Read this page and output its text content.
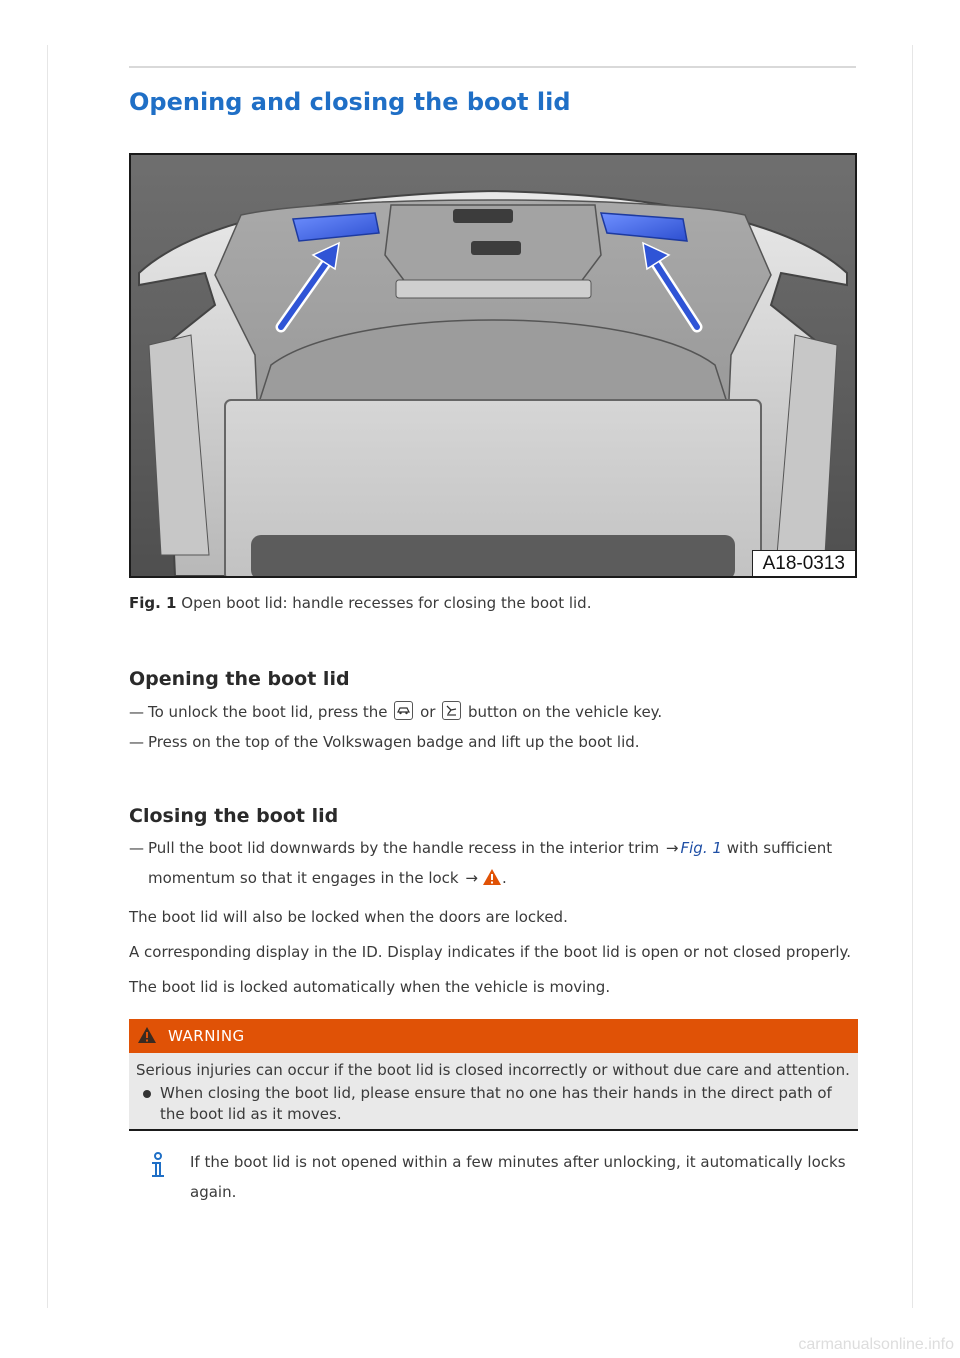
Opening and closing the boot lid
A18-0313
Fig. 1 Open boot lid: handle recesses for closing the boot lid.
Opening the boot lid
— To unlock the boot lid, press the or button on the vehicle key.
— Press on the top of the Volkswagen badge and lift up the boot lid.
Closing the boot lid
— Pull the boot lid downwards by the handle recess in the interior trim → Fig. 1 with sufficient
momentum so that it engages in the lock → .
The boot lid will also be locked when the doors are locked.
A corresponding display in the ID. Display indicates if the boot lid is open or not closed properly.
The boot lid is locked automatically when the vehicle is moving.
WARNING
Serious injuries can occur if the boot lid is closed incorrectly or without due care and attention.
When closing the boot lid, please ensure that no one has their hands in the direct path of the boot lid as it moves.
If the boot lid is not opened within a few minutes after unlocking, it automatically locks again.
carmanualsonline.info
